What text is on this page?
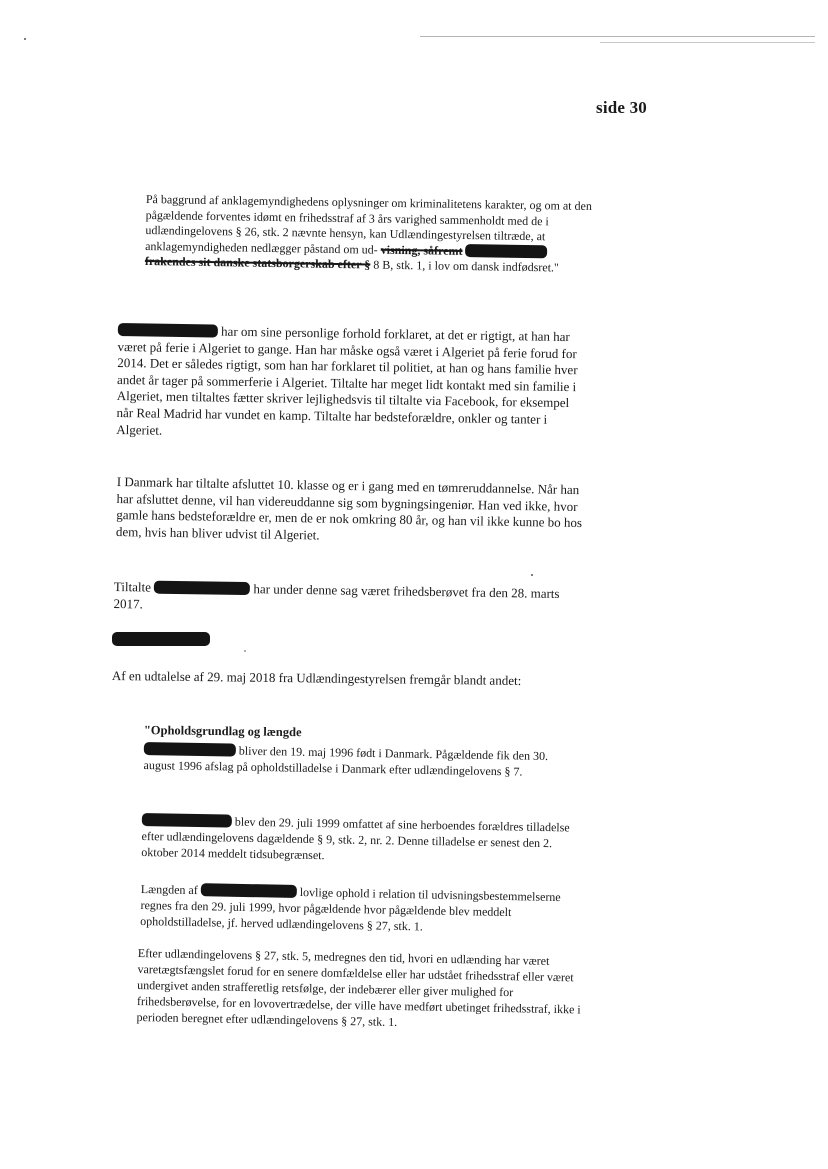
side 30

På baggrund af anklagemyndighedens oplysninger om kriminalitetens karakter, og om at den pågældende forventes idømt en frihedsstraf af 3 års varighed sammenholdt med de i udlændingelovens § 26, stk. 2 nævnte hensyn, kan Udlændingestyrelsen tiltræde, at anklagemyndigheden nedlægger påstand om ud- visning, såfremt  frakendes sit danske statsborgerskab efter § 8 B, stk. 1, i lov om dansk indfødsret."

har om sine personlige forhold forklaret, at det er rigtigt, at han har været på ferie i Algeriet to gange. Han har måske også været i Algeriet på ferie forud for 2014. Det er således rigtigt, som han har forklaret til politiet, at han og hans familie hver andet år tager på sommerferie i Algeriet. Tiltalte har meget lidt kontakt med sin familie i Algeriet, men tiltaltes fætter skriver lejlighedsvis til tiltalte via Facebook, for eksempel når Real Madrid har vundet en kamp. Tiltalte har bedsteforældre, onkler og tanter i Algeriet.

I Danmark har tiltalte afsluttet 10. klasse og er i gang med en tømreruddannelse. Når han har afsluttet denne, vil han videreuddanne sig som bygningsingeniør. Han ved ikke, hvor gamle hans bedsteforældre er, men de er nok omkring 80 år, og han vil ikke kunne bo hos dem, hvis han bliver udvist til Algeriet.

Tiltalte	har under denne sag været frihedsberøvet fra den 28. marts 2017.

Af en udtalelse af 29. maj 2018 fra Udlændingestyrelsen fremgår blandt andet:

"Opholdsgrundlag og længde

bliver den 19. maj 1996 født i Danmark. Pågældende fik den 30. august 1996 afslag på opholdstilladelse i Danmark efter udlændingelovens § 7.

blev den 29. juli 1999 omfattet af sine herboendes forældres tilladelse efter udlændingelovens dagældende § 9, stk. 2, nr. 2. Denne tilladelse er senest den 2. oktober 2014 meddelt tidsubegrænset.

Længden af	lovlige ophold i relation til udvisningsbestemmelserne regnes fra den 29. juli 1999, hvor pågældende hvor pågældende blev meddelt opholdstilladelse, jf. herved udlændingelovens § 27, stk. 1.

Efter udlændingelovens § 27, stk. 5, medregnes den tid, hvori en udlænding har været varetægtsfængslet forud for en senere domfældelse eller har udstået frihedsstraf eller været undergivet anden strafferetlig retsfølge, der indebærer eller giver mulighed for frihedsberøvelse, for en lovovertrædelse, der ville have medført ubetinget frihedsstraf, ikke i perioden beregnet efter udlændingelovens § 27, stk. 1.
